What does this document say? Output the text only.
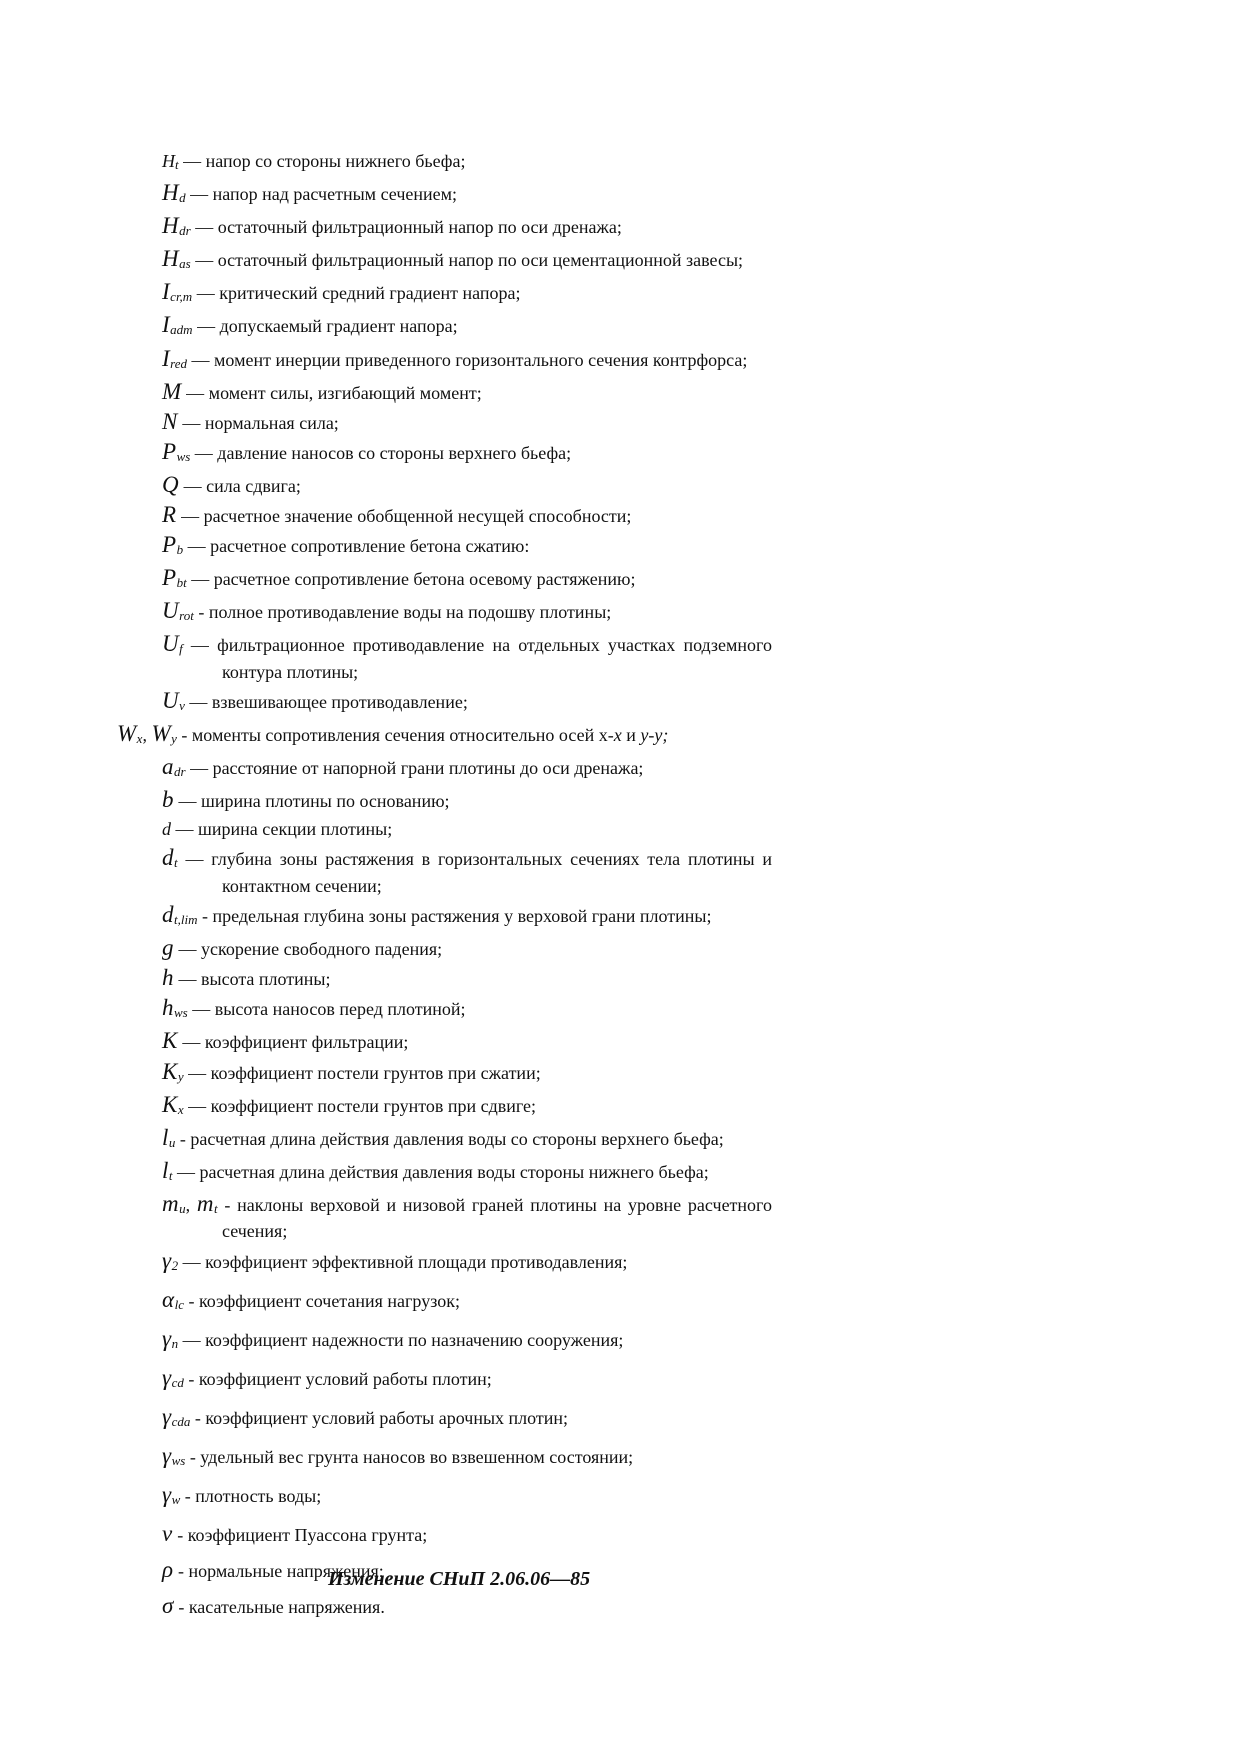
Ht — напор со стороны нижнего бьефа;
Hd — напор над расчетным сечением;
Hdr — остаточный фильтрационный напор по оси дренажа;
Has — остаточный фильтрационный напор по оси цементационной завесы;
Icr,m — критический средний градиент напора;
Iadm — допускаемый градиент напора;
Ired — момент инерции приведенного горизонтального сечения контрфорса;
M — момент силы, изгибающий момент;
N — нормальная сила;
Pws — давление наносов со стороны верхнего бьефа;
Q — сила сдвига;
R — расчетное значение обобщенной несущей способности;
Pb — расчетное сопротивление бетона сжатию:
Pbt — расчетное сопротивление бетона осевому растяжению;
Urot - полное противодавление воды на подошву плотины;
Uf — фильтрационное противодавление на отдельных участках подземного контура плотины;
Uv — взвешивающее противодавление;
Wx, Wy - моменты сопротивления сечения относительно осей х-x и y-y;
adr — расстояние от напорной грани плотины до оси дренажа;
b — ширина плотины по основанию;
d — ширина секции плотины;
dt — глубина зоны растяжения в горизонтальных сечениях тела плотины и контактном сечении;
dt,lim - предельная глубина зоны растяжения у верховой грани плотины;
g — ускорение свободного падения;
h — высота плотины;
hws — высота наносов перед плотиной;
K — коэффициент фильтрации;
Ky — коэффициент постели грунтов при сжатии;
Kx — коэффициент постели грунтов при сдвиге;
lu - расчетная длина действия давления воды со стороны верхнего бьефа;
lt — расчетная длина действия давления воды стороны нижнего бьефа;
mu, mt - наклоны верховой и низовой граней плотины на уровне расчетного сечения;
γ2 — коэффициент эффективной площади противодавления;
αlc - коэффициент сочетания нагрузок;
γn — коэффициент надежности по назначению сооружения;
γcd - коэффициент условий работы плотин;
γcda - коэффициент условий работы арочных плотин;
γws - удельный вес грунта наносов во взвешенном состоянии;
γw - плотность воды;
ν - коэффициент Пуассона грунта;
ρ - нормальные напряжения;
σ - касательные напряжения.
Изменение СНиП 2.06.06—85
